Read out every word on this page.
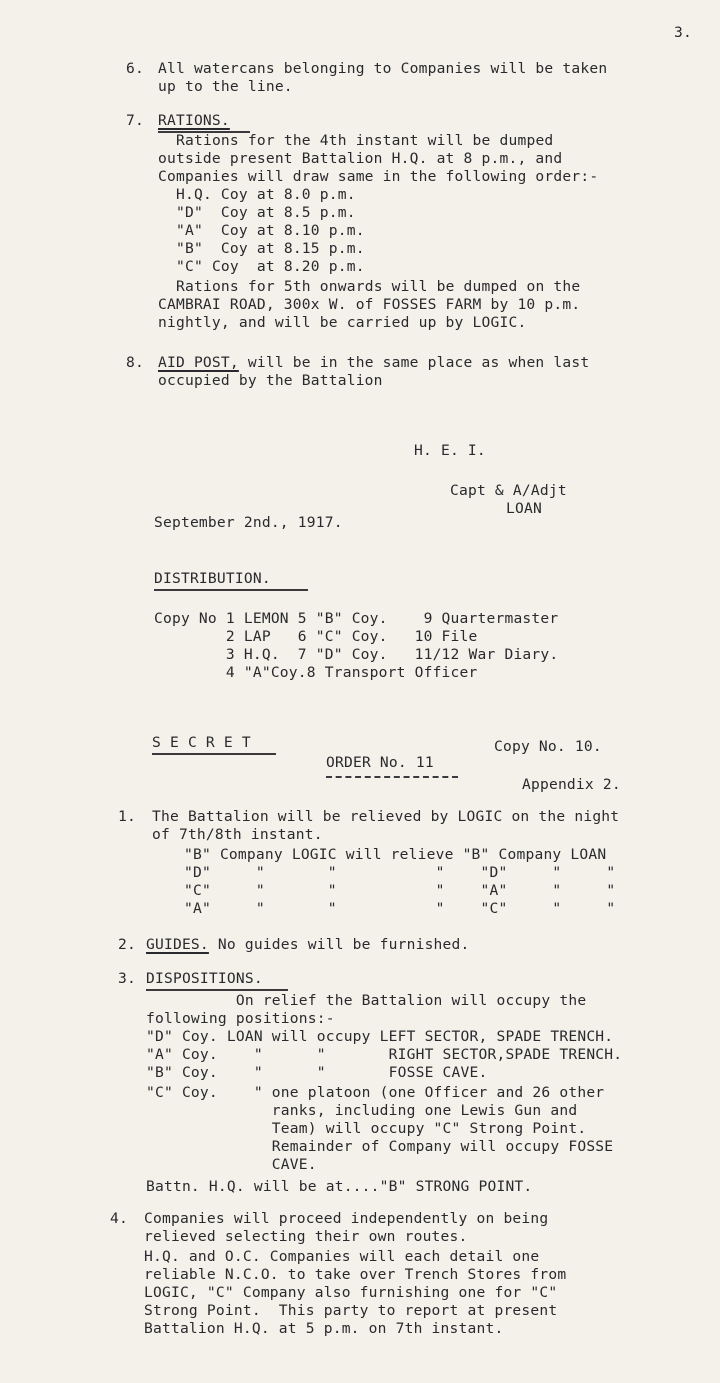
3.
6. All watercans belonging to Companies will be taken
up to the line.
7. RATIONS.
Rations for the 4th instant will be dumped
outside present Battalion H.Q. at 8 p.m., and
Companies will draw same in the following order:-
H.Q. Coy at 8.0 p.m.
"D"  Coy at 8.5 p.m.
"A"  Coy at 8.10 p.m.
"B"  Coy at 8.15 p.m.
"C" Coy  at 8.20 p.m.
Rations for 5th onwards will be dumped on the
CAMBRAI ROAD, 300x W. of FOSSES FARM by 10 p.m.
nightly, and will be carried up by LOGIC.
8. AID POST, will be in the same place as when last
occupied by the Battalion
H. E. I.
Capt & A/Adjt
LOAN
September 2nd., 1917.
DISTRIBUTION.
Copy No 1 LEMON 5 "B" Coy.    9 Quartermaster
2 LAP   6 "C" Coy.   10 File
3 H.Q.  7 "D" Coy.   11/12 War Diary.
4 "A"Coy.8 Transport Officer
S E C R E T	Copy No. 10.
ORDER No. 11
Appendix 2.
1. The Battalion will be relieved by LOGIC on the night
of 7th/8th instant.
"B" Company LOGIC will relieve "B" Company LOAN
"D"     "       "           "    "D"     "     "
"C"     "       "           "    "A"     "     "
"A"     "       "           "    "C"     "     "
2. GUIDES. No guides will be furnished.
3. DISPOSITIONS.
On relief the Battalion will occupy the
following positions:-
"D" Coy. LOAN will occupy LEFT SECTOR, SPADE TRENCH.
"A" Coy.    "      "       RIGHT SECTOR,SPADE TRENCH.
"B" Coy.    "      "       FOSSE CAVE.
"C" Coy.    " one platoon (one Officer and 26 other
ranks, including one Lewis Gun and
Team) will occupy "C" Strong Point.
Remainder of Company will occupy FOSSE
CAVE.
Battn. H.Q. will be at...."B" STRONG POINT.
4. Companies will proceed independently on being
relieved selecting their own routes.
H.Q. and O.C. Companies will each detail one
reliable N.C.O. to take over Trench Stores from
LOGIC, "C" Company also furnishing one for "C"
Strong Point.  This party to report at present
Battalion H.Q. at 5 p.m. on 7th instant.
